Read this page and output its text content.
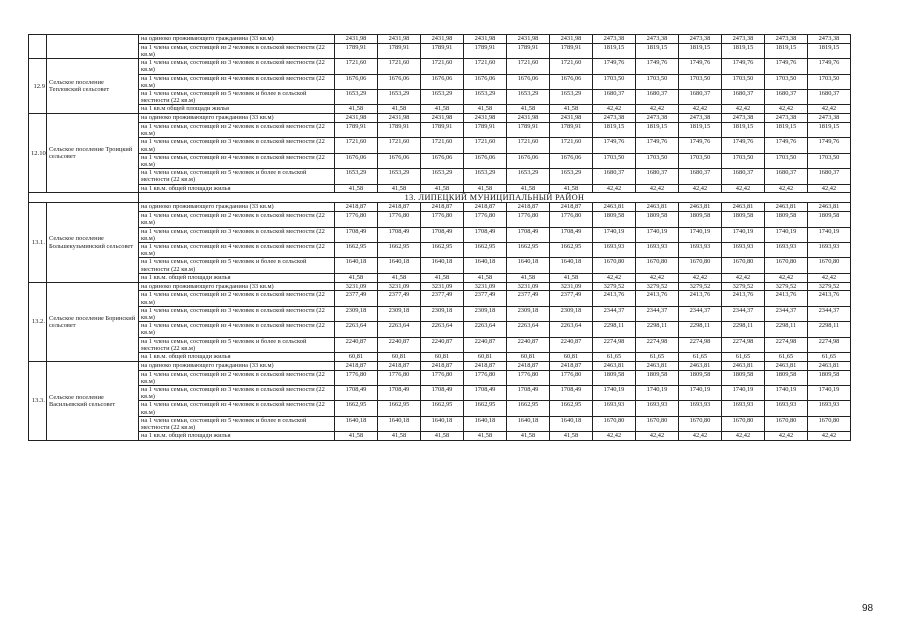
		на одиноко проживающего гражданина (33 кв.м)	2431,98	2431,98	2431,98	2431,98	2431,98	2431,98	2473,38	2473,38	2473,38	2473,38	2473,38	2473,38
		на 1 члена семьи, состоящей из 2 человек в сельской местности (22 кв.м)	1789,91	1789,91	1789,91	1789,91	1789,91	1789,91	1819,15	1819,15	1819,15	1819,15	1819,15	1819,15
12.9	Сельское поселение Тепловский сельсовет	на 1 члена семьи, состоящей из 3 человек в сельской местности (22 кв.м)	1721,60	1721,60	1721,60	1721,60	1721,60	1721,60	1749,76	1749,76	1749,76	1749,76	1749,76	1749,76
		на 1 члена семьи, состоящей из 4 человек в сельской местности (22 кв.м)	1676,06	1676,06	1676,06	1676,06	1676,06	1676,06	1703,50	1703,50	1703,50	1703,50	1703,50	1703,50
		на 1 члена семьи, состоящей из 5 человек и более в сельской местности (22 кв.м)	1653,29	1653,29	1653,29	1653,29	1653,29	1653,29	1680,37	1680,37	1680,37	1680,37	1680,37	1680,37
		на 1 кв.м общей площади жилья	41,58	41,58	41,58	41,58	41,58	41,58	42,42	42,42	42,42	42,42	42,42	42,42
12.10	Сельское поселение Троицкий сельсовет	на одиноко проживающего гражданина (33 кв.м)	2431,98	2431,98	2431,98	2431,98	2431,98	2431,98	2473,38	2473,38	2473,38	2473,38	2473,38	2473,38
		на 1 члена семьи, состоящей из 2 человек в сельской местности (22 кв.м)	1789,91	1789,91	1789,91	1789,91	1789,91	1789,91	1819,15	1819,15	1819,15	1819,15	1819,15	1819,15
		на 1 члена семьи, состоящей из 3 человек в сельской местности (22 кв.м)	1721,60	1721,60	1721,60	1721,60	1721,60	1721,60	1749,76	1749,76	1749,76	1749,76	1749,76	1749,76
		на 1 члена семьи, состоящей из 4 человек в сельской местности (22 кв.м)	1676,06	1676,06	1676,06	1676,06	1676,06	1676,06	1703,50	1703,50	1703,50	1703,50	1703,50	1703,50
		на 1 члена семьи, состоящей из 5 человек и более в сельской местности (22 кв.м)	1653,29	1653,29	1653,29	1653,29	1653,29	1653,29	1680,37	1680,37	1680,37	1680,37	1680,37	1680,37
		на 1 кв.м. общей площади жилья	41,58	41,58	41,58	41,58	41,58	41,58	42,42	42,42	42,42	42,42	42,42	42,42
		13. ЛИПЕЦКИЙ МУНИЦИПАЛЬНЫЙ РАЙОН												
13.1.	Сельское поселение Большекузьминский сельсовет	на одиноко проживающего гражданина (33 кв.м)	2418,87	2418,87	2418,87	2418,87	2418,87	2418,87	2463,81	2463,81	2463,81	2463,81	2463,81	2463,81
		на 1 члена семьи, состоящей из 2 человек в сельской местности (22 кв.м)	1776,80	1776,80	1776,80	1776,80	1776,80	1776,80	1809,58	1809,58	1809,58	1809,58	1809,58	1809,58
		на 1 члена семьи, состоящей из 3 человек в сельской местности (22 кв.м)	1708,49	1708,49	1708,49	1708,49	1708,49	1708,49	1740,19	1740,19	1740,19	1740,19	1740,19	1740,19
		на 1 члена семьи, состоящей из 4 человек в сельской местности (22 кв.м)	1662,95	1662,95	1662,95	1662,95	1662,95	1662,95	1693,93	1693,93	1693,93	1693,93	1693,93	1693,93
		на 1 члена семьи, состоящей из 5 человек и более в сельской местности (22 кв.м)	1640,18	1640,18	1640,18	1640,18	1640,18	1640,18	1670,80	1670,80	1670,80	1670,80	1670,80	1670,80
		на 1 кв.м. общей площади жилья	41,58	41,58	41,58	41,58	41,58	41,58	42,42	42,42	42,42	42,42	42,42	42,42
13.2.	Сельское поселение Боринский сельсовет	на одиноко проживающего гражданина (33 кв.м)	3231,09	3231,09	3231,09	3231,09	3231,09	3231,09	3279,52	3279,52	3279,52	3279,52	3279,52	3279,52
		на 1 члена семьи, состоящей из 2 человек в сельской местности (22 кв.м)	2377,49	2377,49	2377,49	2377,49	2377,49	2377,49	2413,76	2413,76	2413,76	2413,76	2413,76	2413,76
		на 1 члена семьи, состоящей из 3 человек в сельской местности (22 кв.м)	2309,18	2309,18	2309,18	2309,18	2309,18	2309,18	2344,37	2344,37	2344,37	2344,37	2344,37	2344,37
		на 1 члена семьи, состоящей из 4 человек в сельской местности (22 кв.м)	2263,64	2263,64	2263,64	2263,64	2263,64	2263,64	2298,11	2298,11	2298,11	2298,11	2298,11	2298,11
		на 1 члена семьи, состоящей из 5 человек и более в сельской местности (22 кв.м)	2240,87	2240,87	2240,87	2240,87	2240,87	2240,87	2274,98	2274,98	2274,98	2274,98	2274,98	2274,98
		на 1 кв.м. общей площади жилья	60,81	60,81	60,81	60,81	60,81	60,81	61,65	61,65	61,65	61,65	61,65	61,65
13.3.	Сельское поселение Васильевский сельсовет	на одиноко проживающего гражданина (33 кв.м)	2418,87	2418,87	2418,87	2418,87	2418,87	2418,87	2463,81	2463,81	2463,81	2463,81	2463,81	2463,81
		на 1 члена семьи, состоящей из 2 человек в сельской местности (22 кв.м)	1776,80	1776,80	1776,80	1776,80	1776,80	1776,80	1809,58	1809,58	1809,58	1809,58	1809,58	1809,58
		на 1 члена семьи, состоящей из 3 человек в сельской местности (22 кв.м)	1708,49	1708,49	1708,49	1708,49	1708,49	1708,49	1740,19	1740,19	1740,19	1740,19	1740,19	1740,19
		на 1 члена семьи, состоящей из 4 человек в сельской местности (22 кв.м)	1662,95	1662,95	1662,95	1662,95	1662,95	1662,95	1693,93	1693,93	1693,93	1693,93	1693,93	1693,93
		на 1 члена семьи, состоящей из 5 человек и более в сельской местности (22 кв.м)	1640,18	1640,18	1640,18	1640,18	1640,18	1640,18	1670,80	1670,80	1670,80	1670,80	1670,80	1670,80
		на 1 кв.м. общей площади жилья	41,58	41,58	41,58	41,58	41,58	41,58	42,42	42,42	42,42	42,42	42,42	42,42
98
